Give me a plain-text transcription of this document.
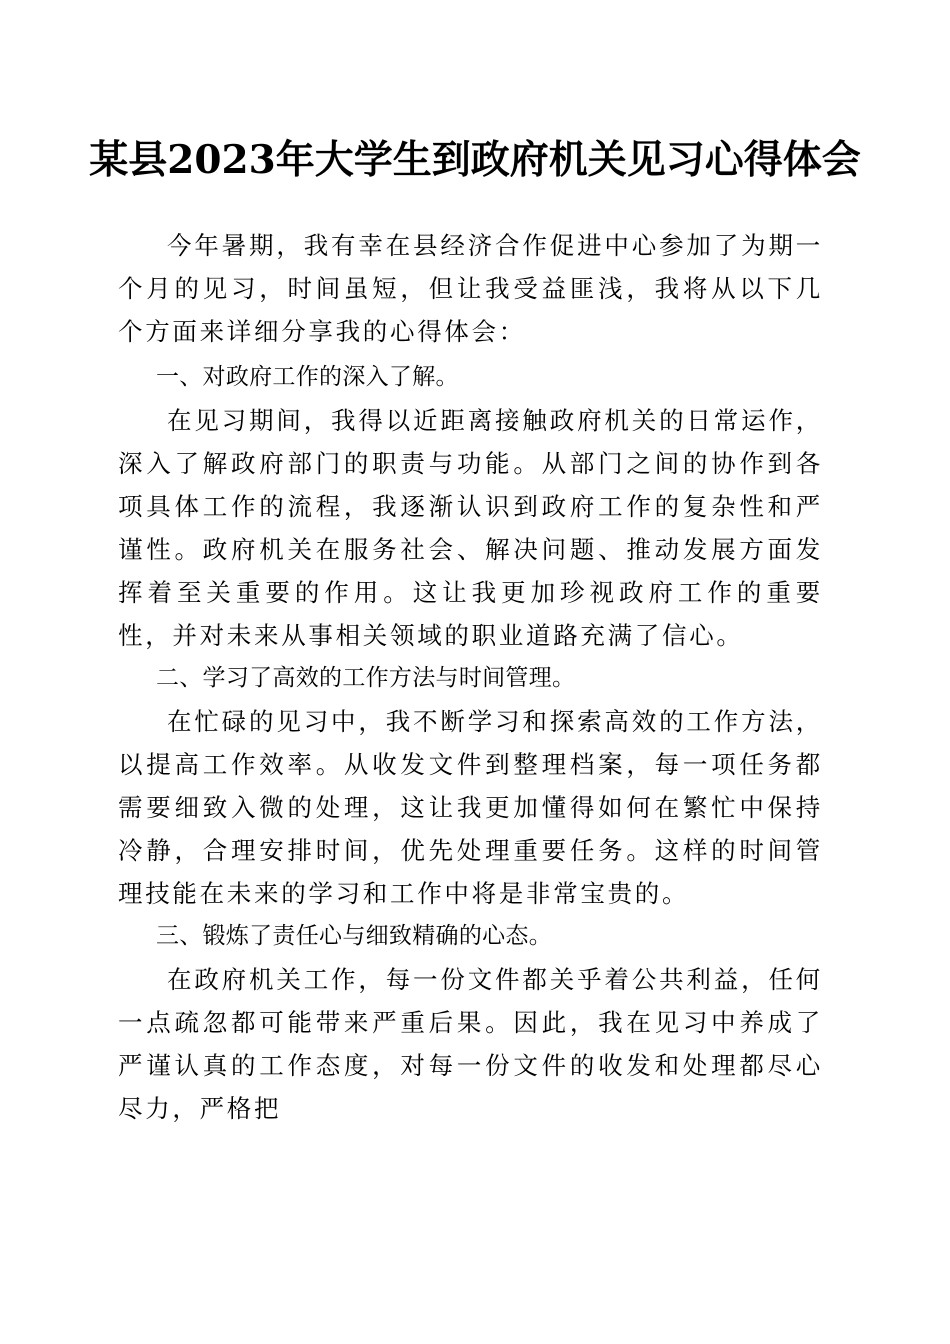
某县2023年大学生到政府机关见习心得体会

今年暑期，我有幸在县经济合作促进中心参加了为期一个月的见习，时间虽短，但让我受益匪浅，我将从以下几个方面来详细分享我的心得体会：

一、对政府工作的深入了解。

在见习期间，我得以近距离接触政府机关的日常运作，深入了解政府部门的职责与功能。从部门之间的协作到各项具体工作的流程，我逐渐认识到政府工作的复杂性和严谨性。政府机关在服务社会、解决问题、推动发展方面发挥着至关重要的作用。这让我更加珍视政府工作的重要性，并对未来从事相关领域的职业道路充满了信心。

二、学习了高效的工作方法与时间管理。

在忙碌的见习中，我不断学习和探索高效的工作方法，以提高工作效率。从收发文件到整理档案，每一项任务都需要细致入微的处理，这让我更加懂得如何在繁忙中保持冷静，合理安排时间，优先处理重要任务。这样的时间管理技能在未来的学习和工作中将是非常宝贵的。

三、锻炼了责任心与细致精确的心态。

在政府机关工作，每一份文件都关乎着公共利益，任何一点疏忽都可能带来严重后果。因此，我在见习中养成了严谨认真的工作态度，对每一份文件的收发和处理都尽心尽力，严格把
